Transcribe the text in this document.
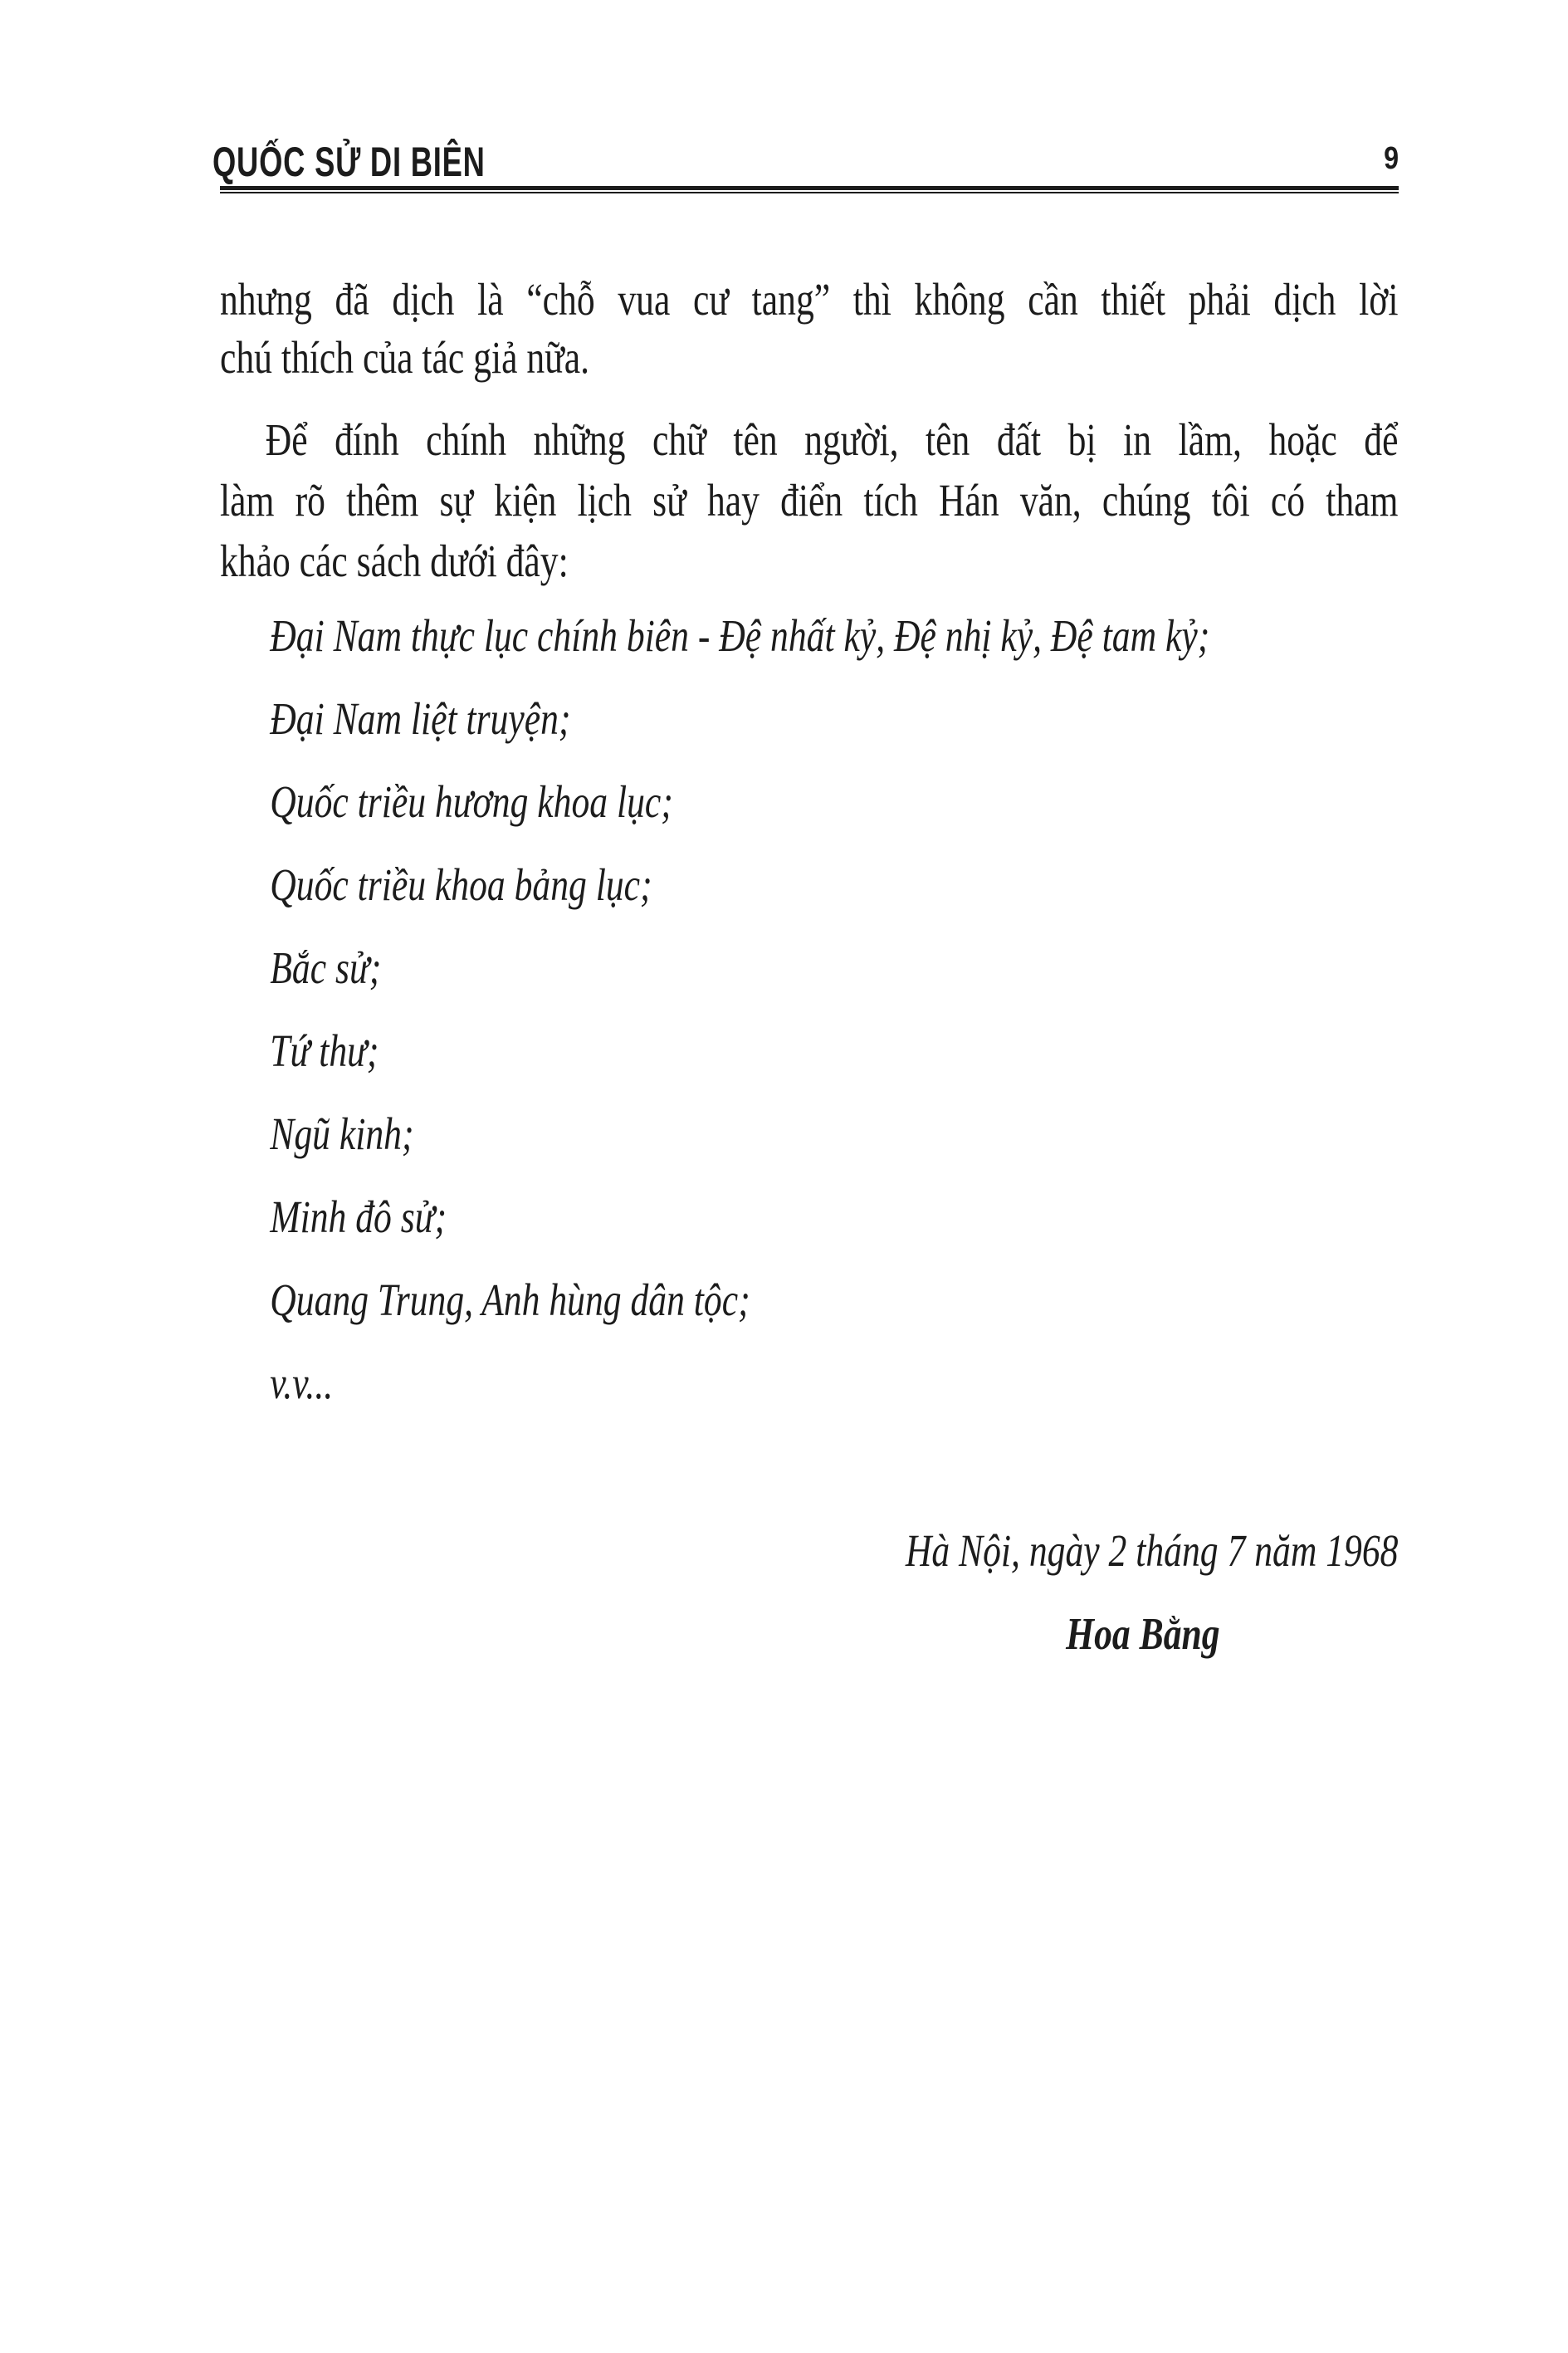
QUỐC SỬ DI BIÊN	9
nhưng đã dịch là “chỗ vua cư tang” thì không cần thiết phải dịch lời
chú thích của tác giả nữa.
Để đính chính những chữ tên người, tên đất bị in lầm, hoặc để
làm rõ thêm sự kiện lịch sử hay điển tích Hán văn, chúng tôi có tham
khảo các sách dưới đây:
Đại Nam thực lục chính biên - Đệ nhất kỷ, Đệ nhị kỷ, Đệ tam kỷ;
Đại Nam liệt truyện;
Quốc triều hương khoa lục;
Quốc triều khoa bảng lục;
Bắc sử;
Tứ thư;
Ngũ kinh;
Minh đô sử;
Quang Trung, Anh hùng dân tộc;
v.v...
Hà Nội, ngày 2 tháng 7 năm 1968
Hoa Bằng
